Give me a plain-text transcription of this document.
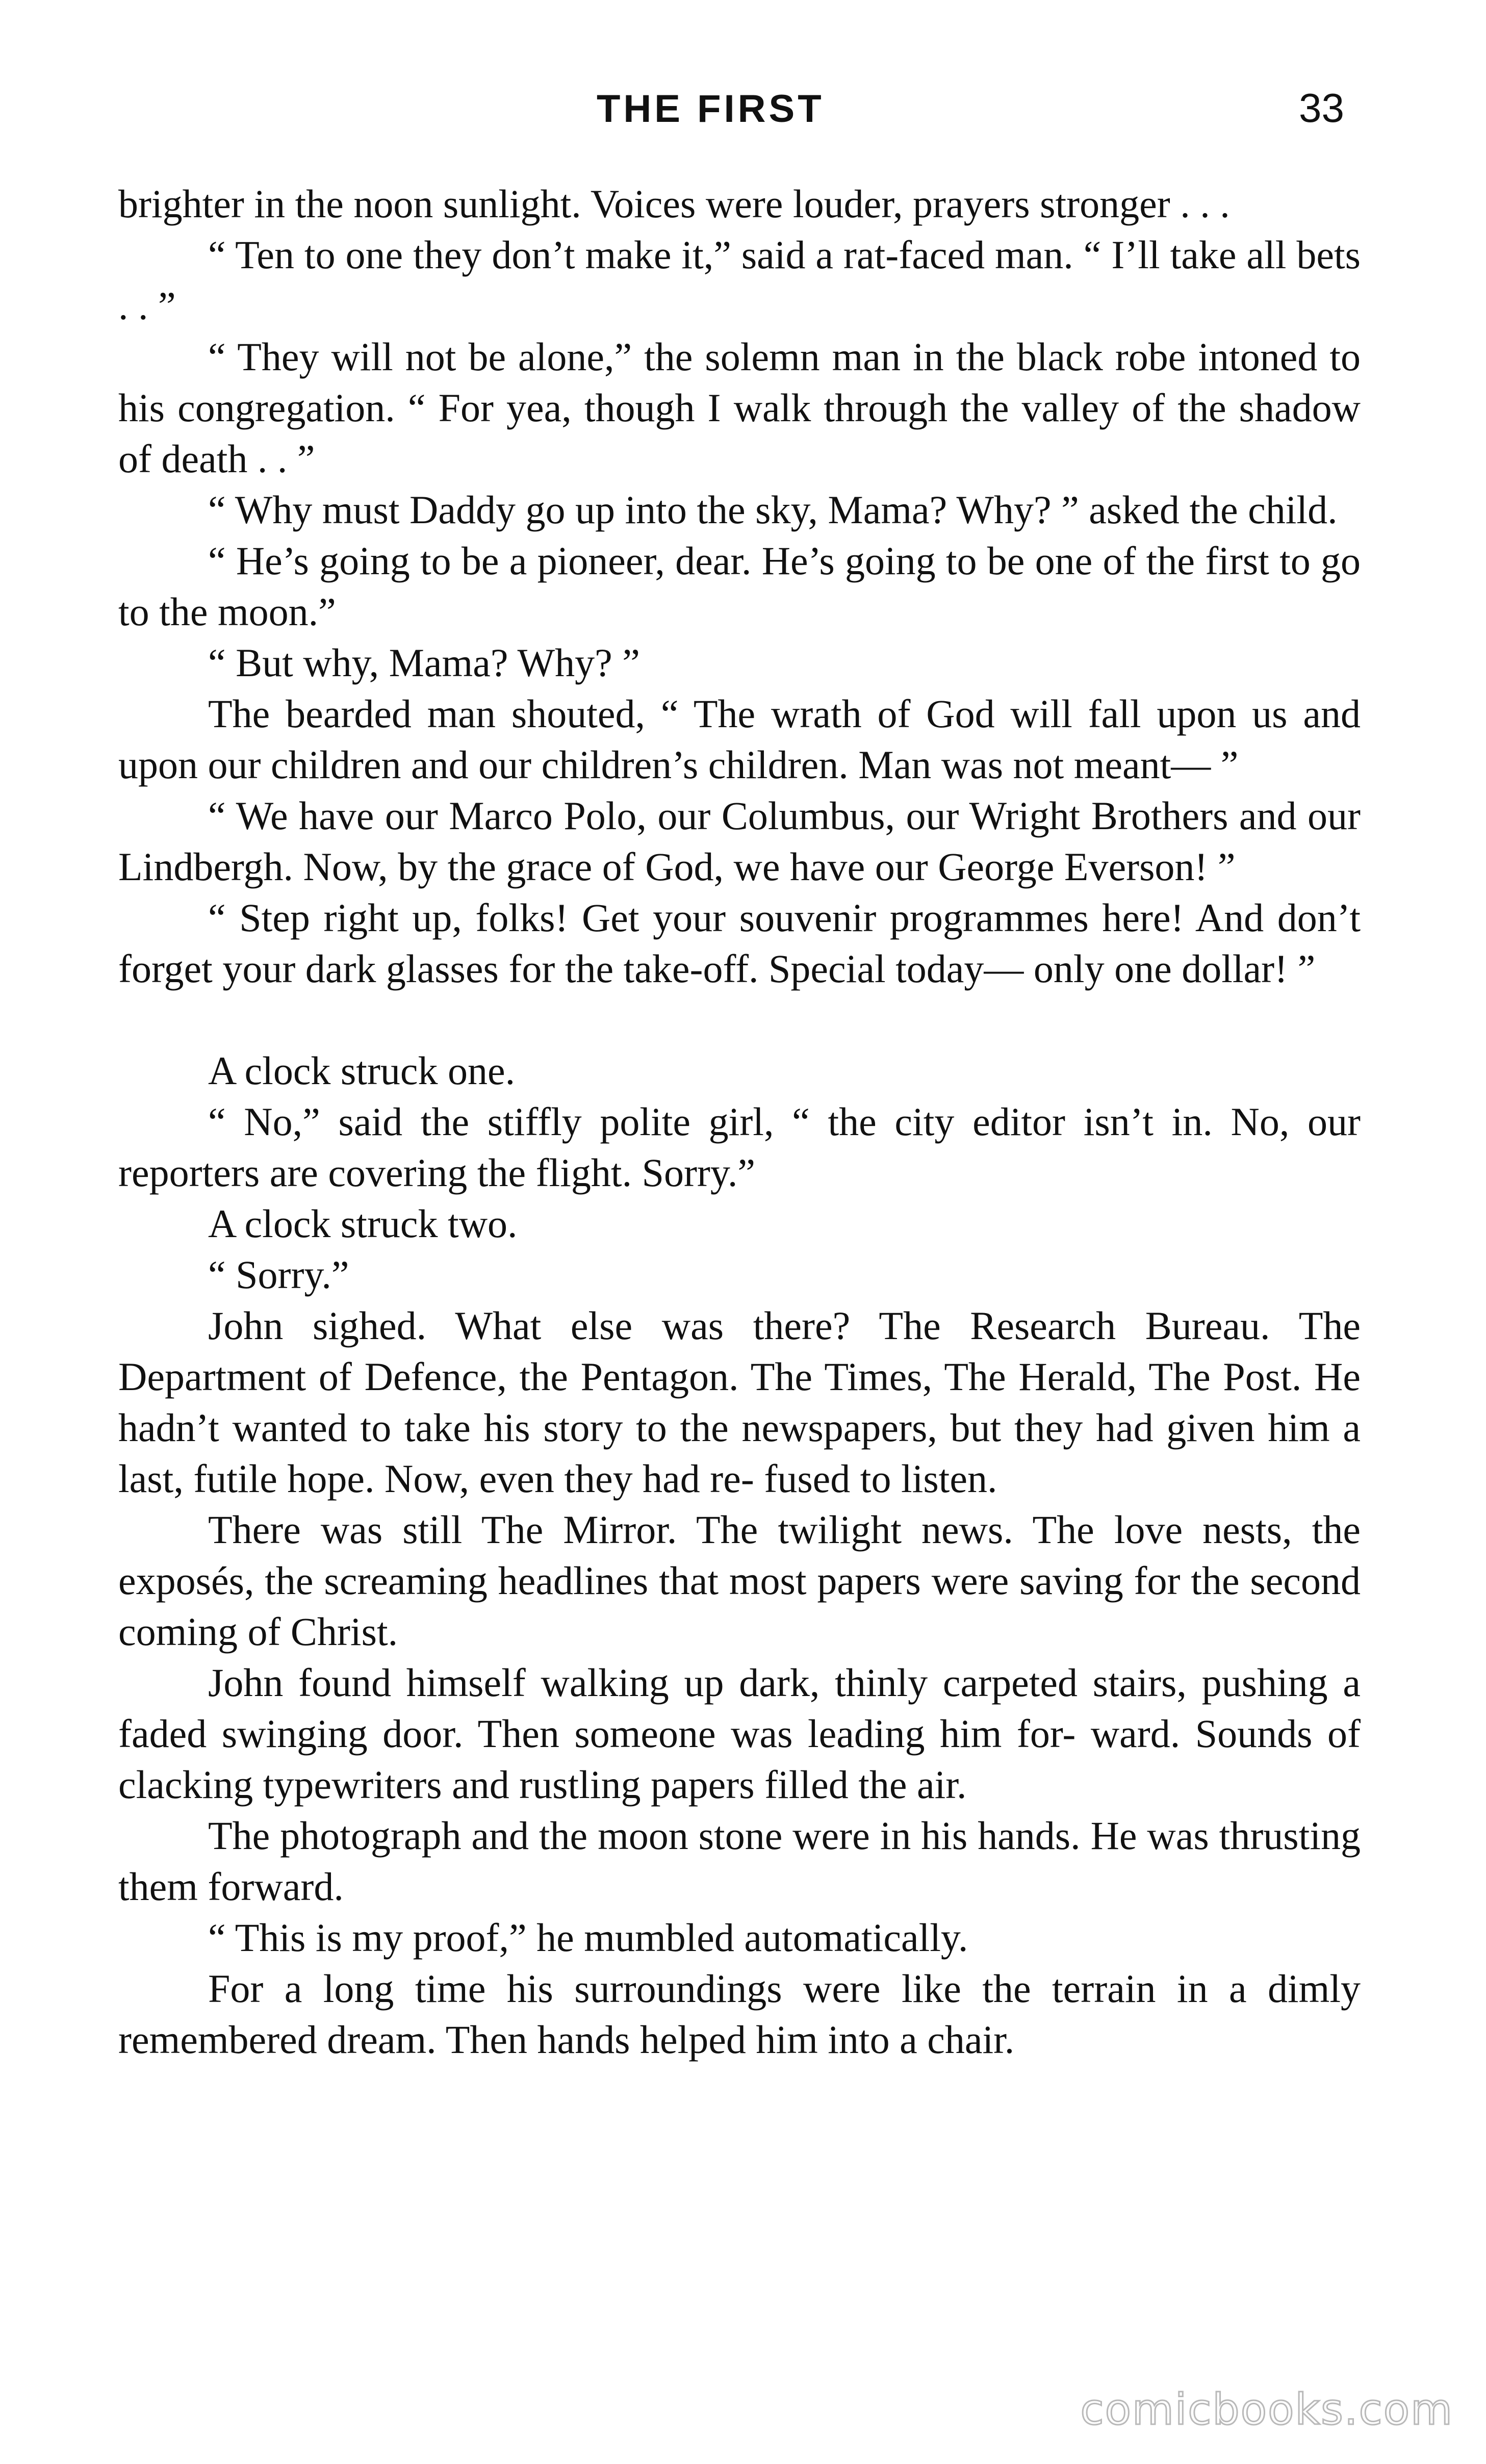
THE FIRST	33

brighter in the noon sunlight. Voices were louder, prayers stronger . . .

“ Ten to one they don’t make it,” said a rat-faced man. “ I’ll take all bets . . ”

“ They will not be alone,” the solemn man in the black robe intoned to his congregation. “ For yea, though I walk through the valley of the shadow of death . . ”

“ Why must Daddy go up into the sky, Mama? Why? ” asked the child.

“ He’s going to be a pioneer, dear. He’s going to be one of the first to go to the moon.”

“ But why, Mama? Why? ”

The bearded man shouted, “ The wrath of God will fall upon us and upon our children and our children’s children. Man was not meant— ”

“ We have our Marco Polo, our Columbus, our Wright Brothers and our Lindbergh. Now, by the grace of God, we have our George Everson! ”

“ Step right up, folks! Get your souvenir programmes here! And don’t forget your dark glasses for the take-off. Special today— only one dollar! ”

A clock struck one.

“ No,” said the stiffly polite girl, “ the city editor isn’t in. No, our reporters are covering the flight. Sorry.”

A clock struck two.

“ Sorry.”

John sighed. What else was there? The Research Bureau. The Department of Defence, the Pentagon. The Times, The Herald, The Post. He hadn’t wanted to take his story to the newspapers, but they had given him a last, futile hope. Now, even they had re- fused to listen.

There was still The Mirror. The twilight news. The love nests, the exposés, the screaming headlines that most papers were saving for the second coming of Christ.

John found himself walking up dark, thinly carpeted stairs, pushing a faded swinging door. Then someone was leading him for- ward. Sounds of clacking typewriters and rustling papers filled the air.

The photograph and the moon stone were in his hands. He was thrusting them forward.

“ This is my proof,” he mumbled automatically.

For a long time his surroundings were like the terrain in a dimly remembered dream. Then hands helped him into a chair.

comicbooks.com
